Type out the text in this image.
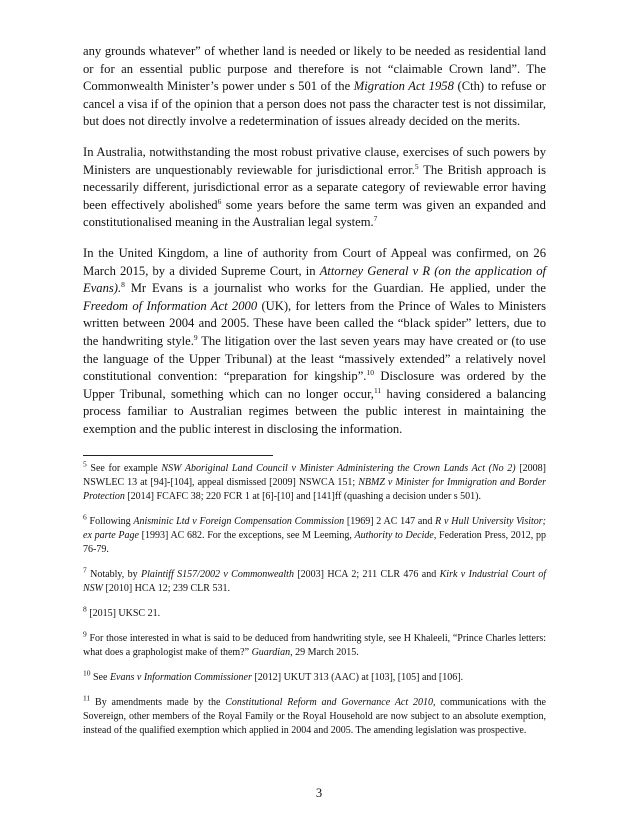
any grounds whatever” of whether land is needed or likely to be needed as residential land or for an essential public purpose and therefore is not “claimable Crown land”. The Commonwealth Minister’s power under s 501 of the Migration Act 1958 (Cth) to refuse or cancel a visa if of the opinion that a person does not pass the character test is not dissimilar, but does not directly involve a redetermination of issues already decided on the merits.

In Australia, notwithstanding the most robust privative clause, exercises of such powers by Ministers are unquestionably reviewable for jurisdictional error.$^5$ The British approach is necessarily different, jurisdictional error as a separate category of reviewable error having been effectively abolished$^6$ some years before the same term was given an expanded and constitutionalised meaning in the Australian legal system.$^7$

In the United Kingdom, a line of authority from Court of Appeal was confirmed, on 26 March 2015, by a divided Supreme Court, in Attorney General v R (on the application of Evans).$^8$ Mr Evans is a journalist who works for the Guardian. He applied, under the Freedom of Information Act 2000 (UK), for letters from the Prince of Wales to Ministers written between 2004 and 2005. These have been called the “black spider” letters, due to the handwriting style.$^9$ The litigation over the last seven years may have created or (to use the language of the Upper Tribunal) at the least “massively extended” a relatively novel constitutional convention: “preparation for kingship”.$^{10}$ Disclosure was ordered by the Upper Tribunal, something which can no longer occur,$^{11}$ having considered a balancing process familiar to Australian regimes between the public interest in maintaining the exemption and the public interest in disclosing the information.

$^5$ See for example NSW Aboriginal Land Council v Minister Administering the Crown Lands Act (No 2) [2008] NSWLEC 13 at [94]-[104], appeal dismissed [2009] NSWCA 151; NBMZ v Minister for Immigration and Border Protection [2014] FCAFC 38; 220 FCR 1 at [6]-[10] and [141]ff (quashing a decision under s 501).
$^6$ Following Anisminic Ltd v Foreign Compensation Commission [1969] 2 AC 147 and R v Hull University Visitor; ex parte Page [1993] AC 682. For the exceptions, see M Leeming, Authority to Decide, Federation Press, 2012, pp 76-79.
$^7$ Notably, by Plaintiff S157/2002 v Commonwealth [2003] HCA 2; 211 CLR 476 and Kirk v Industrial Court of NSW [2010] HCA 12; 239 CLR 531.
$^8$ [2015] UKSC 21.
$^9$ For those interested in what is said to be deduced from handwriting style, see H Khaleeli, “Prince Charles letters: what does a graphologist make of them?” Guardian, 29 March 2015.
$^{10}$ See Evans v Information Commissioner [2012] UKUT 313 (AAC) at [103], [105] and [106].
$^{11}$ By amendments made by the Constitutional Reform and Governance Act 2010, communications with the Sovereign, other members of the Royal Family or the Royal Household are now subject to an absolute exemption, instead of the qualified exemption which applied in 2004 and 2005. The amending legislation was prospective.
3
